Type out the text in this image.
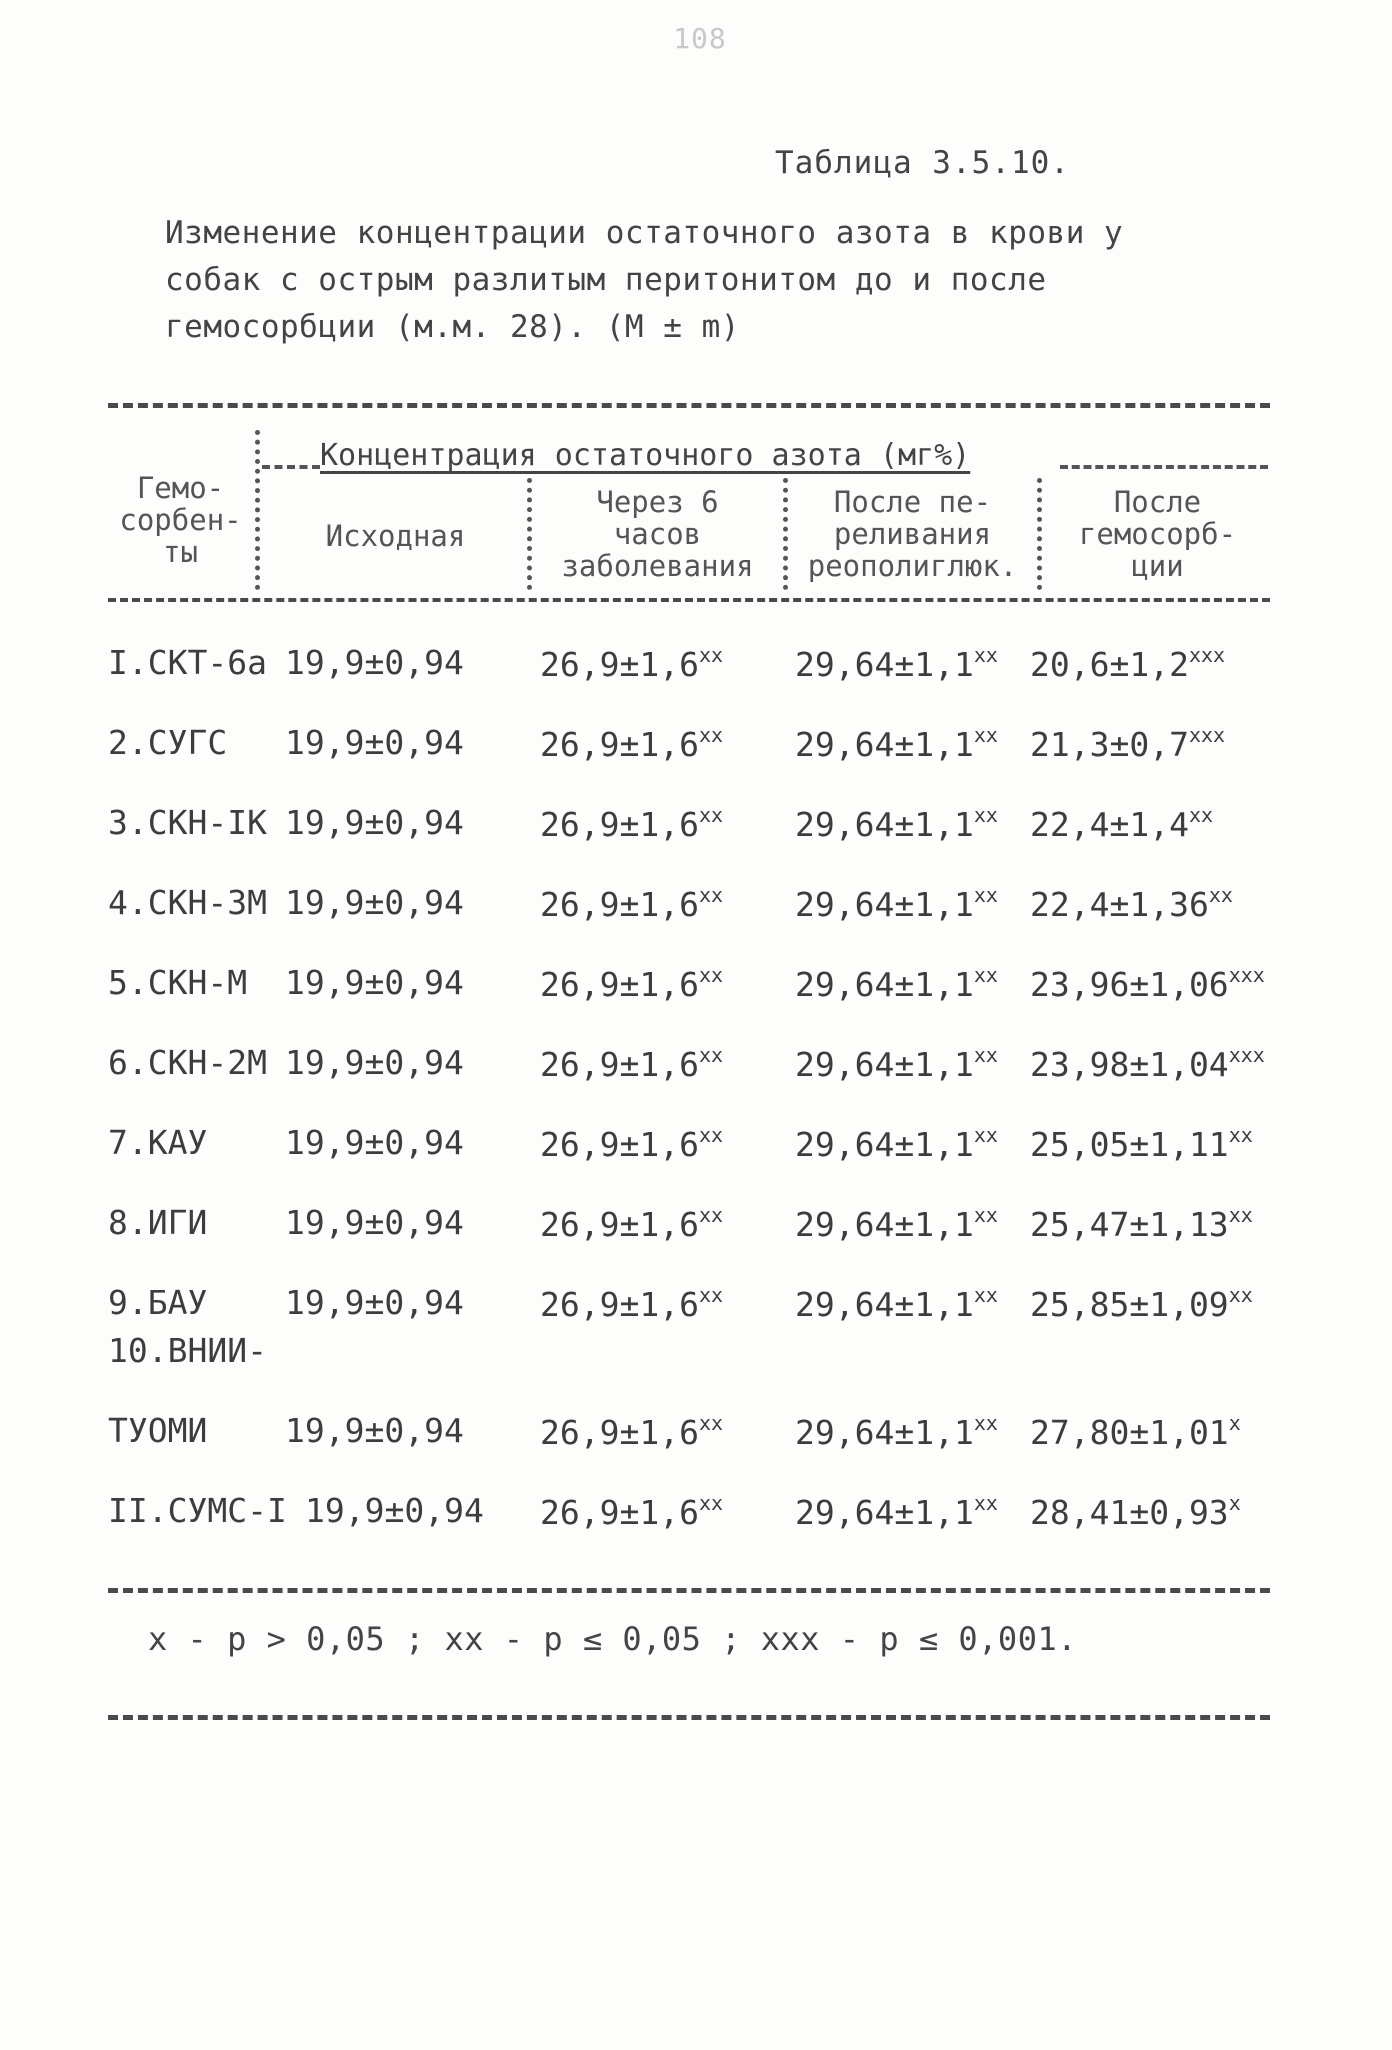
108
Таблица 3.5.10.
Изменение концентрации остаточного азота в крови у
собак с острым разлитым перитонитом до и после
гемосорбции (м.м. 28). (М ± m)
Концентрация остаточного азота (мг%)
Гемо-
сорбен-
ты	Исходная
Через 6
часов
заболевания
После пе-
реливания
реополиглюк.
После
гемосорб-
ции
I.СКТ-6а 19,9±0,94 $26,9\pm 1,6^{xx}$ $29,64\pm 1,1^{xx}$ $20,6\pm 1,2^{xxx}$
2.СУГС 19,9±0,94 $26,9\pm 1,6^{xx}$ $29,64\pm 1,1^{xx}$ $21,3\pm 0,7^{xxx}$
3.СКН-IК 19,9±0,94 $26,9\pm 1,6^{xx}$ $29,64\pm 1,1^{xx}$ $22,4\pm 1,4^{xx}$
4.СКН-3М 19,9±0,94 $26,9\pm 1,6^{xx}$ $29,64\pm 1,1^{xx}$ $22,4\pm 1,36^{xx}$
5.СКН-М 19,9±0,94 $26,9\pm 1,6^{xx}$ $29,64\pm 1,1^{xx}$ $23,96\pm 1,06^{xxx}$
6.СКН-2М 19,9±0,94 $26,9\pm 1,6^{xx}$ $29,64\pm 1,1^{xx}$ $23,98\pm 1,04^{xxx}$
7.КАУ 19,9±0,94 $26,9\pm 1,6^{xx}$ $29,64\pm 1,1^{xx}$ $25,05\pm 1,11^{xx}$
8.ИГИ 19,9±0,94 $26,9\pm 1,6^{xx}$ $29,64\pm 1,1^{xx}$ $25,47\pm 1,13^{xx}$
9.БАУ 19,9±0,94 $26,9\pm 1,6^{xx}$ $29,64\pm 1,1^{xx}$ $25,85\pm 1,09^{xx}$
10.ВНИИ-
ТУОМИ 19,9±0,94 $26,9\pm 1,6^{xx}$ $29,64\pm 1,1^{xx}$ $27,80\pm 1,01^x$
II.СУМС-I 19,9±0,94 $26,9\pm 1,6^{xx}$ $29,64\pm 1,1^{xx}$ $28,41\pm 0,93^x$
x - p > 0,05 ; xx - p ≤ 0,05 ; xxx - p ≤ 0,001.
